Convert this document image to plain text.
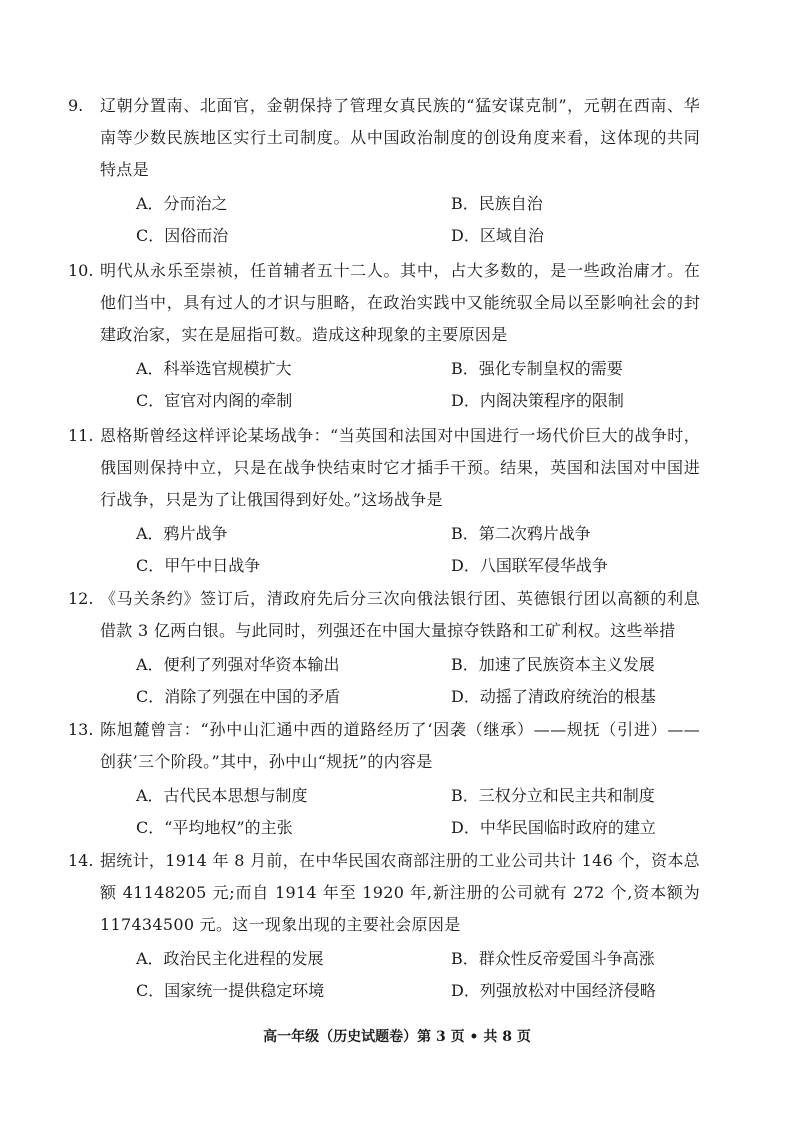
9. 辽朝分置南、北面官，金朝保持了管理女真民族的“猛安谋克制”，元朝在西南、华南等少数民族地区实行土司制度。从中国政治制度的创设角度来看，这体现的共同特点是

A．分而治之	B．民族自治
C．因俗而治	D．区域自治
10. 明代从永乐至崇祯，任首辅者五十二人。其中，占大多数的，是一些政治庸才。在他们当中，具有过人的才识与胆略，在政治实践中又能统驭全局以至影响社会的封建政治家，实在是屈指可数。造成这种现象的主要原因是

A．科举选官规模扩大	B．强化专制皇权的需要
C．宦官对内阁的牵制	D．内阁决策程序的限制
11. 恩格斯曾经这样评论某场战争：“当英国和法国对中国进行一场代价巨大的战争时，俄国则保持中立，只是在战争快结束时它才插手干预。结果，英国和法国对中国进行战争，只是为了让俄国得到好处。”这场战争是

A．鸦片战争	B．第二次鸦片战争
C．甲午中日战争	D．八国联军侵华战争
12. 《马关条约》签订后，清政府先后分三次向俄法银行团、英德银行团以高额的利息借款 3 亿两白银。与此同时，列强还在中国大量掠夺铁路和工矿利权。这些举措

A．便利了列强对华资本输出	B．加速了民族资本主义发展
C．消除了列强在中国的矛盾	D．动摇了清政府统治的根基
13. 陈旭麓曾言：“孙中山汇通中西的道路经历了‘因袭（继承）——规抚（引进）——创获’三个阶段。”其中，孙中山“规抚”的内容是

A．古代民本思想与制度	B．三权分立和民主共和制度
C．“平均地权”的主张	D．中华民国临时政府的建立
14. 据统计，1914 年 8 月前，在中华民国农商部注册的工业公司共计 146 个，资本总额 41148205 元;而自 1914 年至 1920 年,新注册的公司就有 272 个,资本额为 117434500 元。这一现象出现的主要社会原因是

A．政治民主化进程的发展	B．群众性反帝爱国斗争高涨
C．国家统一提供稳定环境	D．列强放松对中国经济侵略
高一年级（历史试题卷）第 3 页 • 共 8 页
